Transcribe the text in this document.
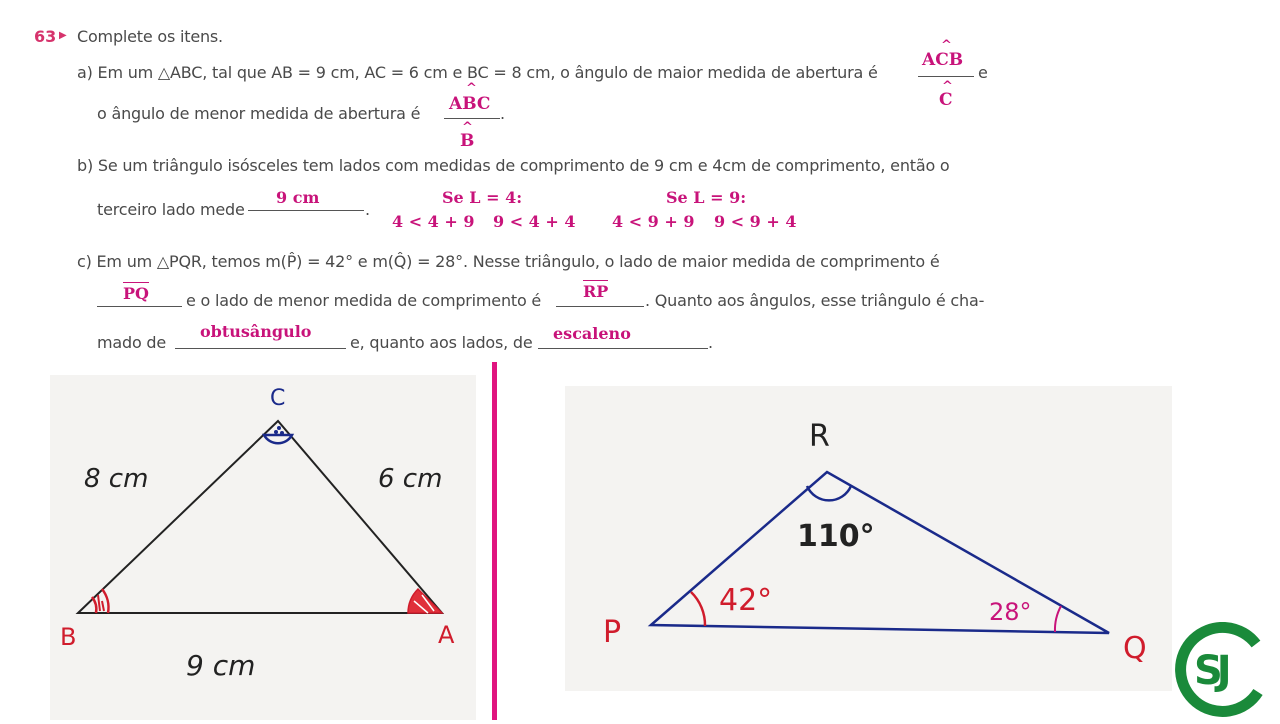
63 ▶ Complete os itens.
a) Em um △ABC, tal que AB = 9 cm, AC = 6 cm e BC = 8 cm, o ângulo de maior medida de abertura é
ACB
^
C
^
e
o ângulo de menor medida de abertura é ABC
^
B
^
.
b) Se um triângulo isósceles tem lados com medidas de comprimento de 9 cm e 4cm de comprimento, então o
terceiro lado mede
9 cm
.
Se L = 4:
4 < 4 + 9 9 < 4 + 4
Se L = 9:
4 < 9 + 9 9 < 9 + 4
c) Em um △PQR, temos m(P̂) = 42° e m(Q̂) = 28°. Nesse triângulo, o lado de maior medida de comprimento é
PQ e o lado de menor medida de comprimento é	RP . Quanto aos ângulos, esse triângulo é cha-
mado de
obtusângulo
e, quanto aos lados, de escaleno	.
C
B	A
8 cm	6 cm
9 cm
R
P	Q
110°
42°	28°
SJ
